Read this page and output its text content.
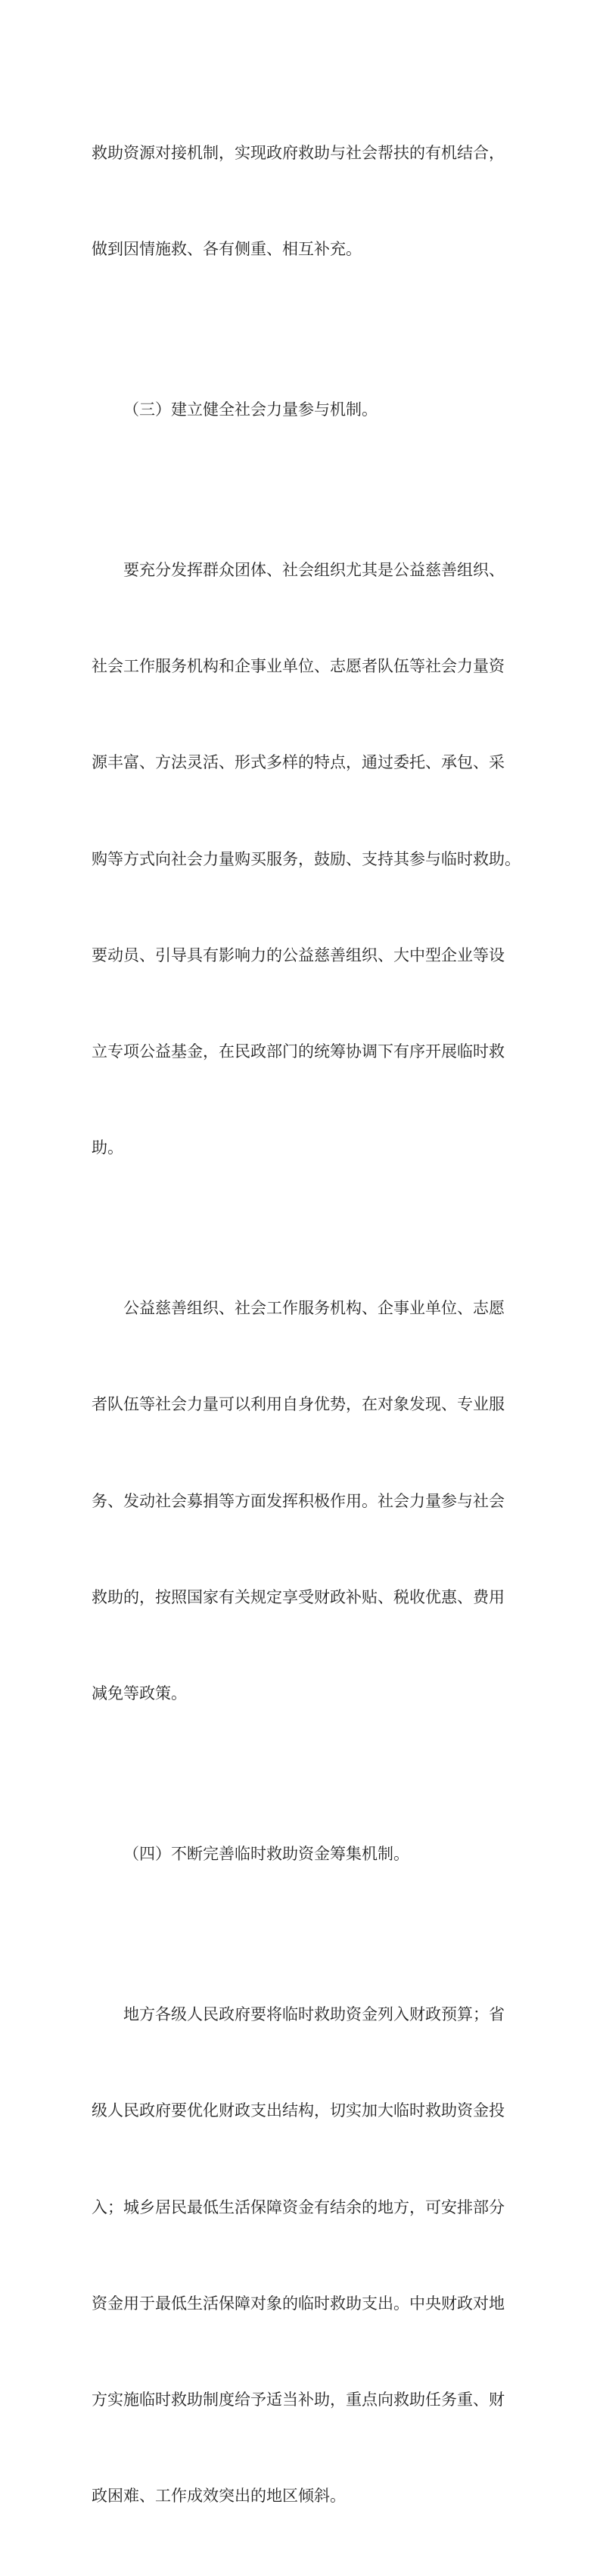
救助资源对接机制，实现政府救助与社会帮扶的有机结合，

做到因情施救、各有侧重、相互补充。

（三）建立健全社会力量参与机制。

要充分发挥群众团体、社会组织尤其是公益慈善组织、

社会工作服务机构和企事业单位、志愿者队伍等社会力量资

源丰富、方法灵活、形式多样的特点，通过委托、承包、采

购等方式向社会力量购买服务，鼓励、支持其参与临时救助。

要动员、引导具有影响力的公益慈善组织、大中型企业等设

立专项公益基金，在民政部门的统筹协调下有序开展临时救

助。

公益慈善组织、社会工作服务机构、企事业单位、志愿

者队伍等社会力量可以利用自身优势，在对象发现、专业服

务、发动社会募捐等方面发挥积极作用。社会力量参与社会

救助的，按照国家有关规定享受财政补贴、税收优惠、费用

减免等政策。

（四）不断完善临时救助资金筹集机制。

地方各级人民政府要将临时救助资金列入财政预算；省

级人民政府要优化财政支出结构，切实加大临时救助资金投

入；城乡居民最低生活保障资金有结余的地方，可安排部分

资金用于最低生活保障对象的临时救助支出。中央财政对地

方实施临时救助制度给予适当补助，重点向救助任务重、财

政困难、工作成效突出的地区倾斜。
